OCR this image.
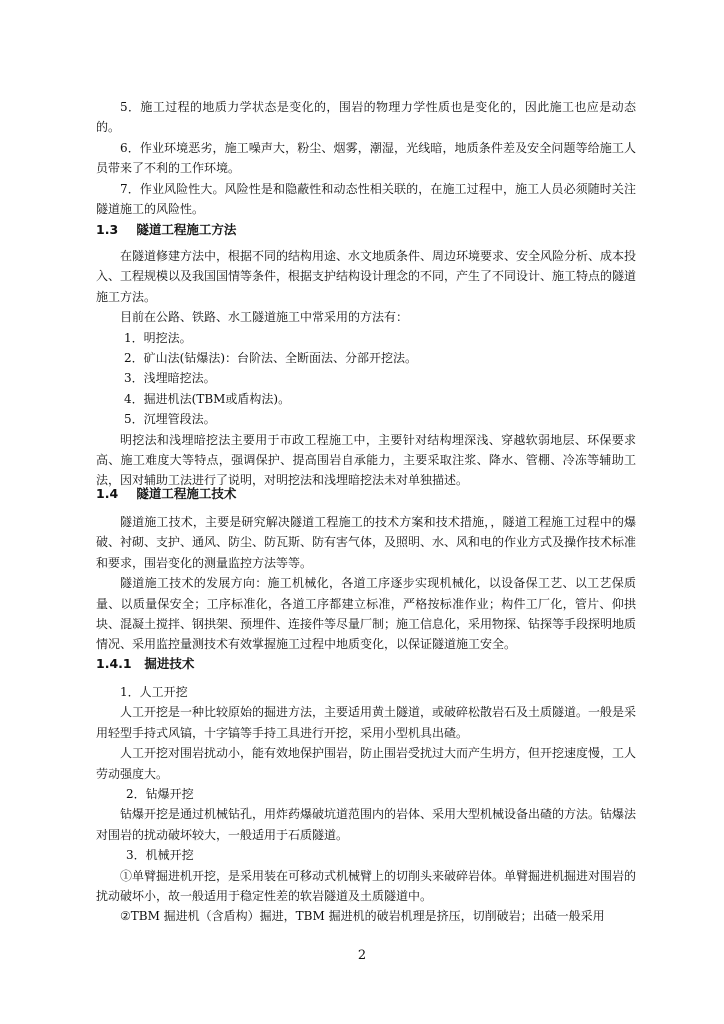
5．施工过程的地质力学状态是变化的，围岩的物理力学性质也是变化的，因此施工也应是动态的。

6．作业环境恶劣，施工噪声大，粉尘、烟雾，潮湿，光线暗，地质条件差及安全问题等给施工人员带来了不利的工作环境。

7．作业风险性大。风险性是和隐蔽性和动态性相关联的，在施工过程中，施工人员必须随时关注隧道施工的风险性。

1.3 隧道工程施工方法

在隧道修建方法中，根据不同的结构用途、水文地质条件、周边环境要求、安全风险分析、成本投入、工程规模以及我国国情等条件，根据支护结构设计理念的不同，产生了不同设计、施工特点的隧道施工方法。

目前在公路、铁路、水工隧道施工中常采用的方法有：

1．明挖法。

2．矿山法(钻爆法)：台阶法、全断面法、分部开挖法。

3．浅埋暗挖法。

4．掘进机法(TBM或盾构法)。

5．沉埋管段法。

明挖法和浅埋暗挖法主要用于市政工程施工中，主要针对结构埋深浅、穿越软弱地层、环保要求高、施工难度大等特点，强调保护、提高围岩自承能力，主要采取注浆、降水、管棚、冷冻等辅助工法，因对辅助工法进行了说明，对明挖法和浅埋暗挖法未对单独描述。

1.4 隧道工程施工技术

隧道施工技术，主要是研究解决隧道工程施工的技术方案和技术措施，，隧道工程施工过程中的爆破、衬砌、支护、通风、防尘、防瓦斯、防有害气体，及照明、水、风和电的作业方式及操作技术标准和要求，围岩变化的测量监控方法等等。

隧道施工技术的发展方向：施工机械化，各道工序逐步实现机械化，以设备保工艺、以工艺保质量、以质量保安全；工序标准化，各道工序都建立标准，严格按标准作业；构件工厂化，管片、仰拱块、混凝土搅拌、钢拱架、预埋件、连接件等尽量厂制；施工信息化，采用物探、钻探等手段探明地质情况、采用监控量测技术有效掌握施工过程中地质变化，以保证隧道施工安全。

1.4.1 掘进技术

1．人工开挖

人工开挖是一种比较原始的掘进方法，主要适用黄土隧道，或破碎松散岩石及土质隧道。一般是采用轻型手持式风镐，十字镐等手持工具进行开挖，采用小型机具出碴。

人工开挖对围岩扰动小，能有效地保护围岩，防止围岩受扰过大而产生坍方，但开挖速度慢，工人劳动强度大。

2．钻爆开挖

钻爆开挖是通过机械钻孔，用炸药爆破坑道范围内的岩体、采用大型机械设备出碴的方法。钻爆法对围岩的扰动破坏较大，一般适用于石质隧道。

3．机械开挖

①单臂掘进机开挖，是采用装在可移动式机械臂上的切削头来破碎岩体。单臂掘进机掘进对围岩的扰动破坏小，故一般适用于稳定性差的软岩隧道及土质隧道中。

②TBM 掘进机（含盾构）掘进，TBM 掘进机的破岩机理是挤压，切削破岩；出碴一般采用

2
